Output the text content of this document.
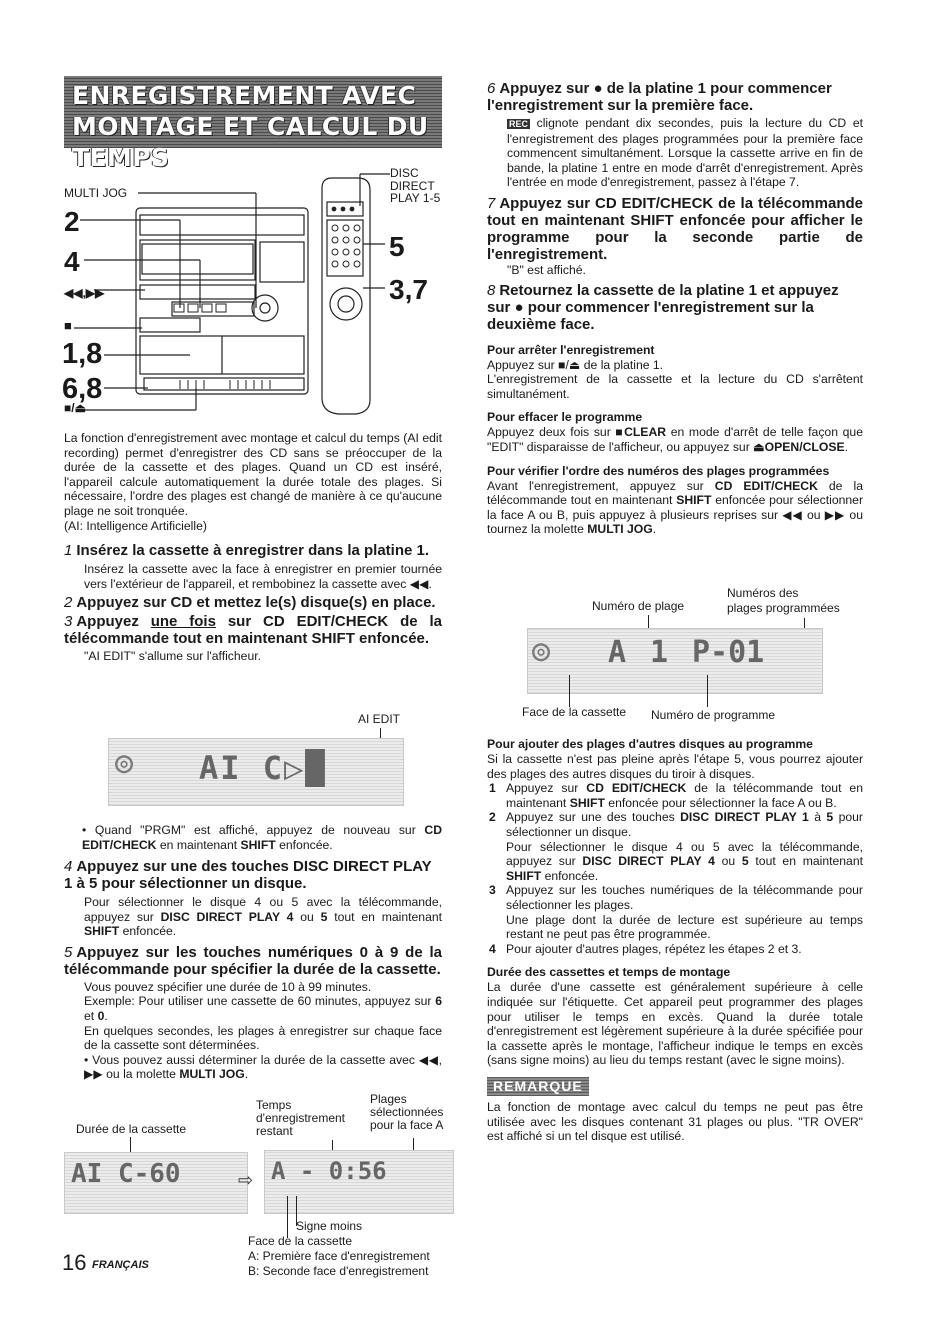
ENREGISTREMENT AVEC
MONTAGE ET CALCUL DU TEMPS
MULTI JOG
DISC
DIRECT
PLAY 1-5
2
4
◀◀,▶▶
■
1,8
6,8
■/⏏
5
3,7

La fonction d'enregistrement avec montage et calcul du temps (AI edit recording) permet d'enregistrer des CD sans se préoccuper de la durée de la cassette et des plages. Quand un CD est inséré, l'appareil calcule automatiquement la durée totale des plages. Si nécessaire, l'ordre des plages est changé de manière à ce qu'aucune plage ne soit tronquée.

(AI: Intelligence Artificielle)

1 Insérez la cassette à enregistrer dans la platine 1.

Insérez la cassette avec la face à enregistrer en premier tournée vers l'extérieur de l'appareil, et rembobinez la cassette avec ◀◀.

2 Appuyez sur CD et mettez le(s) disque(s) en place.
3 Appuyez une fois sur CD EDIT/CHECK de la télécommande tout en maintenant SHIFT enfoncée.

"AI EDIT" s'allume sur l'afficheur.

AI EDIT
◎ AI C▷█

• Quand "PRGM" est affiché, appuyez de nouveau sur CD EDIT/CHECK en maintenant SHIFT enfoncée.

4 Appuyez sur une des touches DISC DIRECT PLAY 1 à 5 pour sélectionner un disque.

Pour sélectionner le disque 4 ou 5 avec la télécommande, appuyez sur DISC DIRECT PLAY 4 ou 5 tout en maintenant SHIFT enfoncée.

5 Appuyez sur les touches numériques 0 à 9 de la télécommande pour spécifier la durée de la cassette.

Vous pouvez spécifier une durée de 10 à 99 minutes.

Exemple: Pour utiliser une cassette de 60 minutes, appuyez sur 6 et 0.

En quelques secondes, les plages à enregistrer sur chaque face de la cassette sont déterminées.

• Vous pouvez aussi déterminer la durée de la cassette avec ◀◀, ▶▶ ou la molette MULTI JOG.

Durée de la cassette
Temps
d'enregistrement
restant
Plages
sélectionnées
pour la face A
AI C-60	⇨ A - 0:56
Signe moins
Face de la cassette
A: Première face d'enregistrement
B: Seconde face d'enregistrement
16 FRANÇAIS
6 Appuyez sur ● de la platine 1 pour commencer l'enregistrement sur la première face.

REC clignote pendant dix secondes, puis la lecture du CD et l'enregistrement des plages programmées pour la première face commencent simultanément. Lorsque la cassette arrive en fin de bande, la platine 1 entre en mode d'arrêt d'enregistrement. Après l'entrée en mode d'enregistrement, passez à l'étape 7.

7 Appuyez sur CD EDIT/CHECK de la télécommande tout en maintenant SHIFT enfoncée pour afficher le programme pour la seconde partie de l'enregistrement.

"B" est affiché.

8 Retournez la cassette de la platine 1 et appuyez sur ● pour commencer l'enregistrement sur la deuxième face.
Pour arrêter l'enregistrement

Appuyez sur ■/⏏ de la platine 1.

L'enregistrement de la cassette et la lecture du CD s'arrêtent simultanément.

Pour effacer le programme

Appuyez deux fois sur ■CLEAR en mode d'arrêt de telle façon que "EDIT" disparaisse de l'afficheur, ou appuyez sur ⏏OPEN/CLOSE.

Pour vérifier l'ordre des numéros des plages programmées

Avant l'enregistrement, appuyez sur CD EDIT/CHECK de la télécommande tout en maintenant SHIFT enfoncée pour sélectionner la face A ou B, puis appuyez à plusieurs reprises sur ◀◀ ou ▶▶ ou tournez la molette MULTI JOG.

Numéros des
plages programmées
Numéro de plage
◎ A 1 P-01
Face de la cassette Numéro de programme
Pour ajouter des plages d'autres disques au programme

Si la cassette n'est pas pleine après l'étape 5, vous pourrez ajouter des plages des autres disques du tiroir à disques.

1 Appuyez sur CD EDIT/CHECK de la télécommande tout en maintenant SHIFT enfoncée pour sélectionner la face A ou B.
2 Appuyez sur une des touches DISC DIRECT PLAY 1 à 5 pour sélectionner un disque.
Pour sélectionner le disque 4 ou 5 avec la télécommande, appuyez sur DISC DIRECT PLAY 4 ou 5 tout en maintenant SHIFT enfoncée.
3 Appuyez sur les touches numériques de la télécommande pour sélectionner les plages.
Une plage dont la durée de lecture est supérieure au temps restant ne peut pas être programmée.
4 Pour ajouter d'autres plages, répétez les étapes 2 et 3.
Durée des cassettes et temps de montage

La durée d'une cassette est généralement supérieure à celle indiquée sur l'étiquette. Cet appareil peut programmer des plages pour utiliser le temps en excès. Quand la durée totale d'enregistrement est légèrement supérieure à la durée spécifiée pour la cassette après le montage, l'afficheur indique le temps en excès (sans signe moins) au lieu du temps restant (avec le signe moins).

REMARQUE

La fonction de montage avec calcul du temps ne peut pas être utilisée avec les disques contenant 31 plages ou plus. "TR OVER" est affiché si un tel disque est utilisé.
